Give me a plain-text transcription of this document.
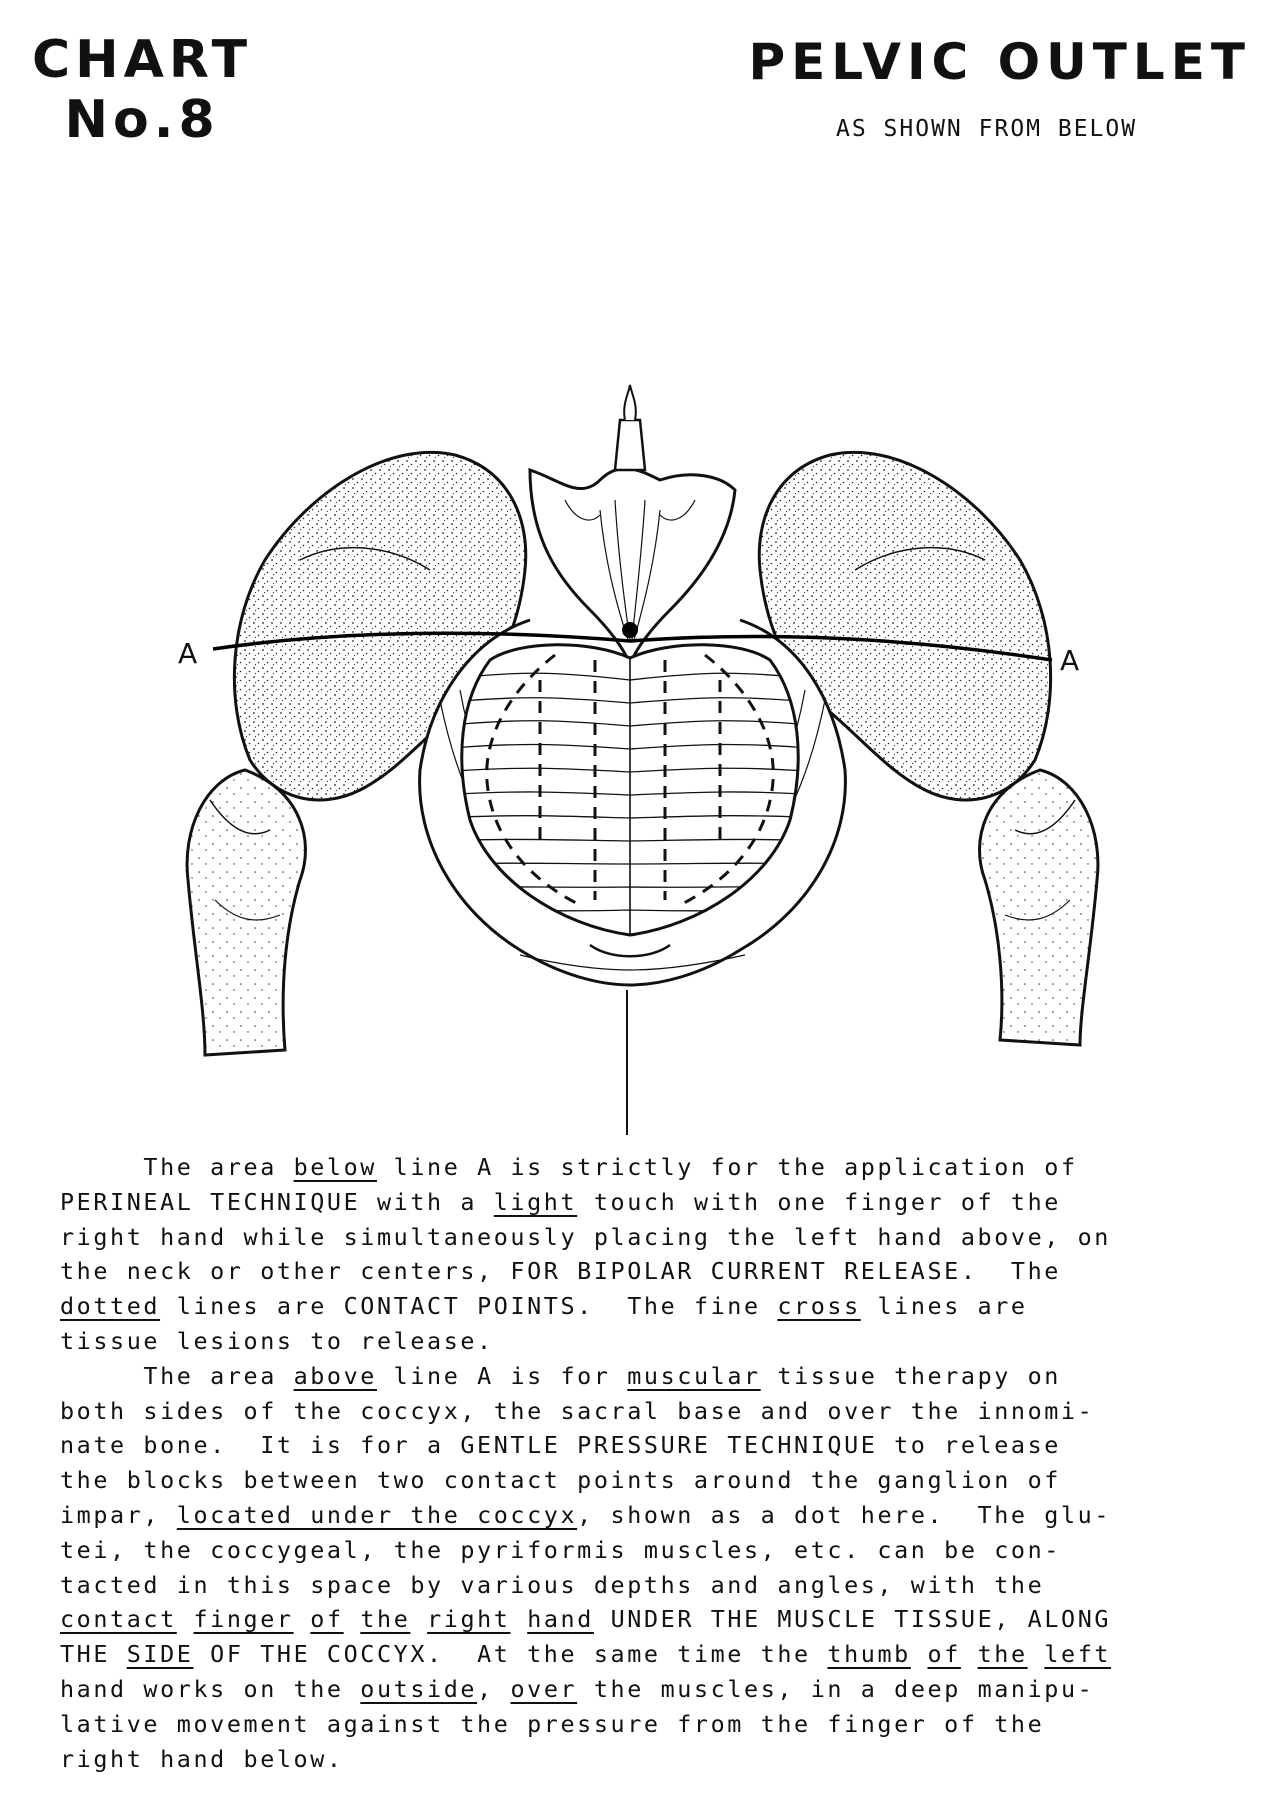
CHART
No.8
PELVIC OUTLET
AS SHOWN FROM BELOW
A	A
The area below line A is strictly for the application of
PERINEAL TECHNIQUE with a light touch with one finger of the
right hand while simultaneously placing the left hand above, on
the neck or other centers, FOR BIPOLAR CURRENT RELEASE.  The
dotted lines are CONTACT POINTS.  The fine cross lines are
tissue lesions to release.
The area above line A is for muscular tissue therapy on
both sides of the coccyx, the sacral base and over the innomi-
nate bone.  It is for a GENTLE PRESSURE TECHNIQUE to release
the blocks between two contact points around the ganglion of
impar, located under the coccyx, shown as a dot here.  The glu-
tei, the coccygeal, the pyriformis muscles, etc. can be con-
tacted in this space by various depths and angles, with the
contact finger of the right hand UNDER THE MUSCLE TISSUE, ALONG
THE SIDE OF THE COCCYX.  At the same time the thumb of the left
hand works on the outside, over the muscles, in a deep manipu-
lative movement against the pressure from the finger of the
right hand below.
